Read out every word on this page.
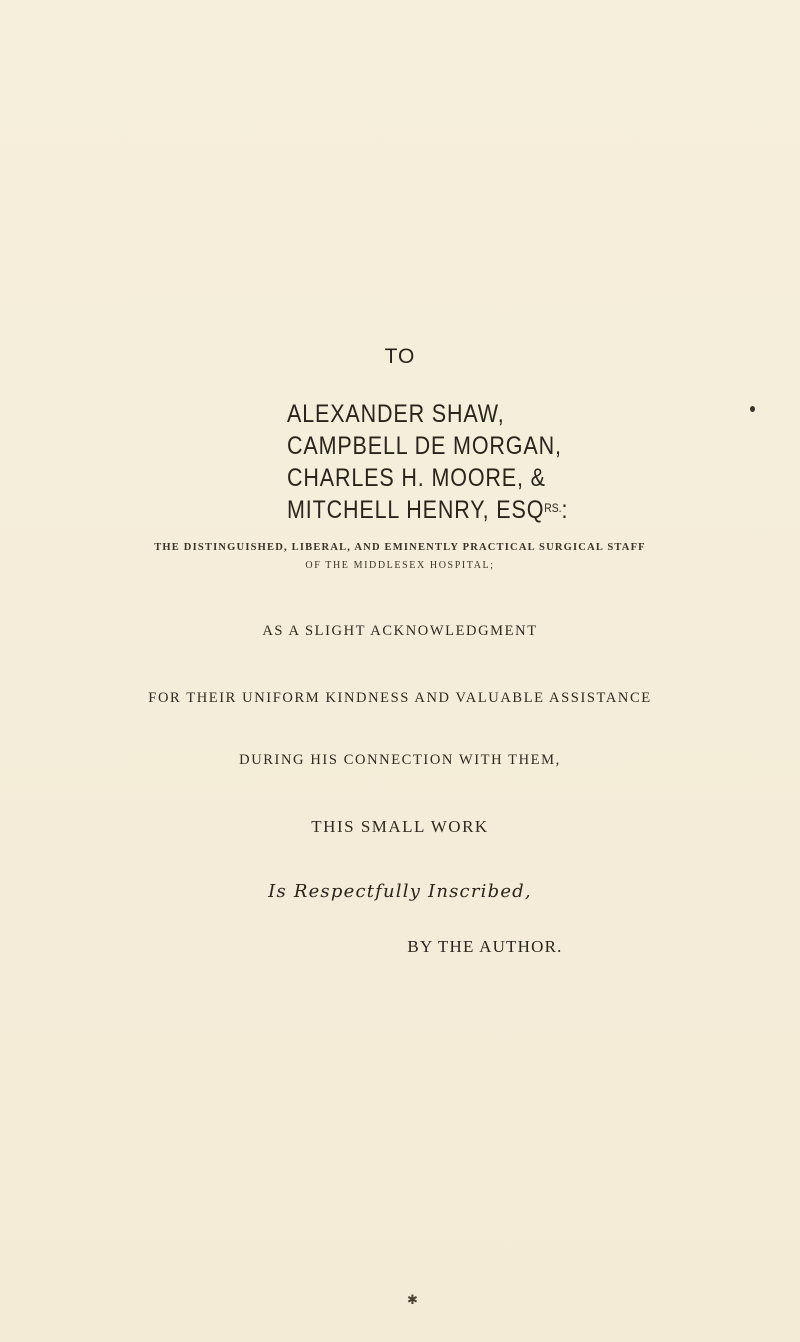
TO
ALEXANDER SHAW,
CAMPBELL DE MORGAN,
CHARLES H. MOORE, &
MITCHELL HENRY, $ESQ^{RS.}$:
THE DISTINGUISHED, LIBERAL, AND EMINENTLY PRACTICAL SURGICAL STAFF
OF THE MIDDLESEX HOSPITAL;
AS A SLIGHT ACKNOWLEDGMENT
FOR THEIR UNIFORM KINDNESS AND VALUABLE ASSISTANCE
DURING HIS CONNECTION WITH THEM,
THIS SMALL WORK
Is Respectfully Inscribed,
BY THE AUTHOR.
✱
